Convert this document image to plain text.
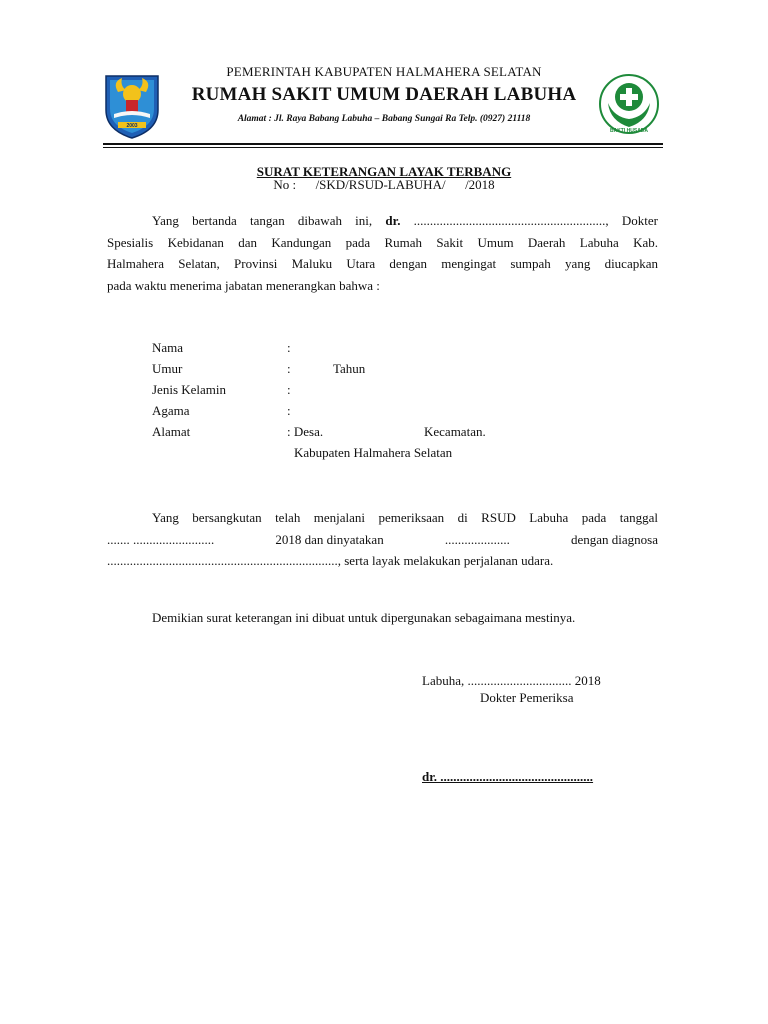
2003
BAKTI HUSADA
PEMERINTAH KABUPATEN HALMAHERA SELATAN
RUMAH SAKIT UMUM DAERAH LABUHA
Alamat : Jl. Raya Babang Labuha – Babang Sungai Ra Telp. (0927) 21118
SURAT KETERANGAN LAYAK TERBANG
No :      /SKD/RSUD-LABUHA/      /2018
Yang bertanda tangan dibawah ini, dr. ..........................................................., Dokter
Spesialis Kebidanan dan Kandungan pada Rumah Sakit Umum Daerah Labuha Kab.
Halmahera Selatan, Provinsi Maluku Utara dengan mengingat sumpah yang diucapkan
pada waktu menerima jabatan menerangkan bahwa :
Nama	:
Umur	:	Tahun
Jenis Kelamin	:
Agama	:
Alamat	: Desa.	Kecamatan.
Kabupaten Halmahera Selatan
Yang bersangkutan telah menjalani pemeriksaan di RSUD Labuha pada tanggal
....... .........................	2018 dan dinyatakan	....................	dengan diagnosa
......................................................................., serta layak melakukan perjalanan udara.
Demikian surat keterangan ini dibuat untuk dipergunakan sebagaimana mestinya.
Labuha, ................................ 2018
Dokter Pemeriksa
dr. ...............................................
